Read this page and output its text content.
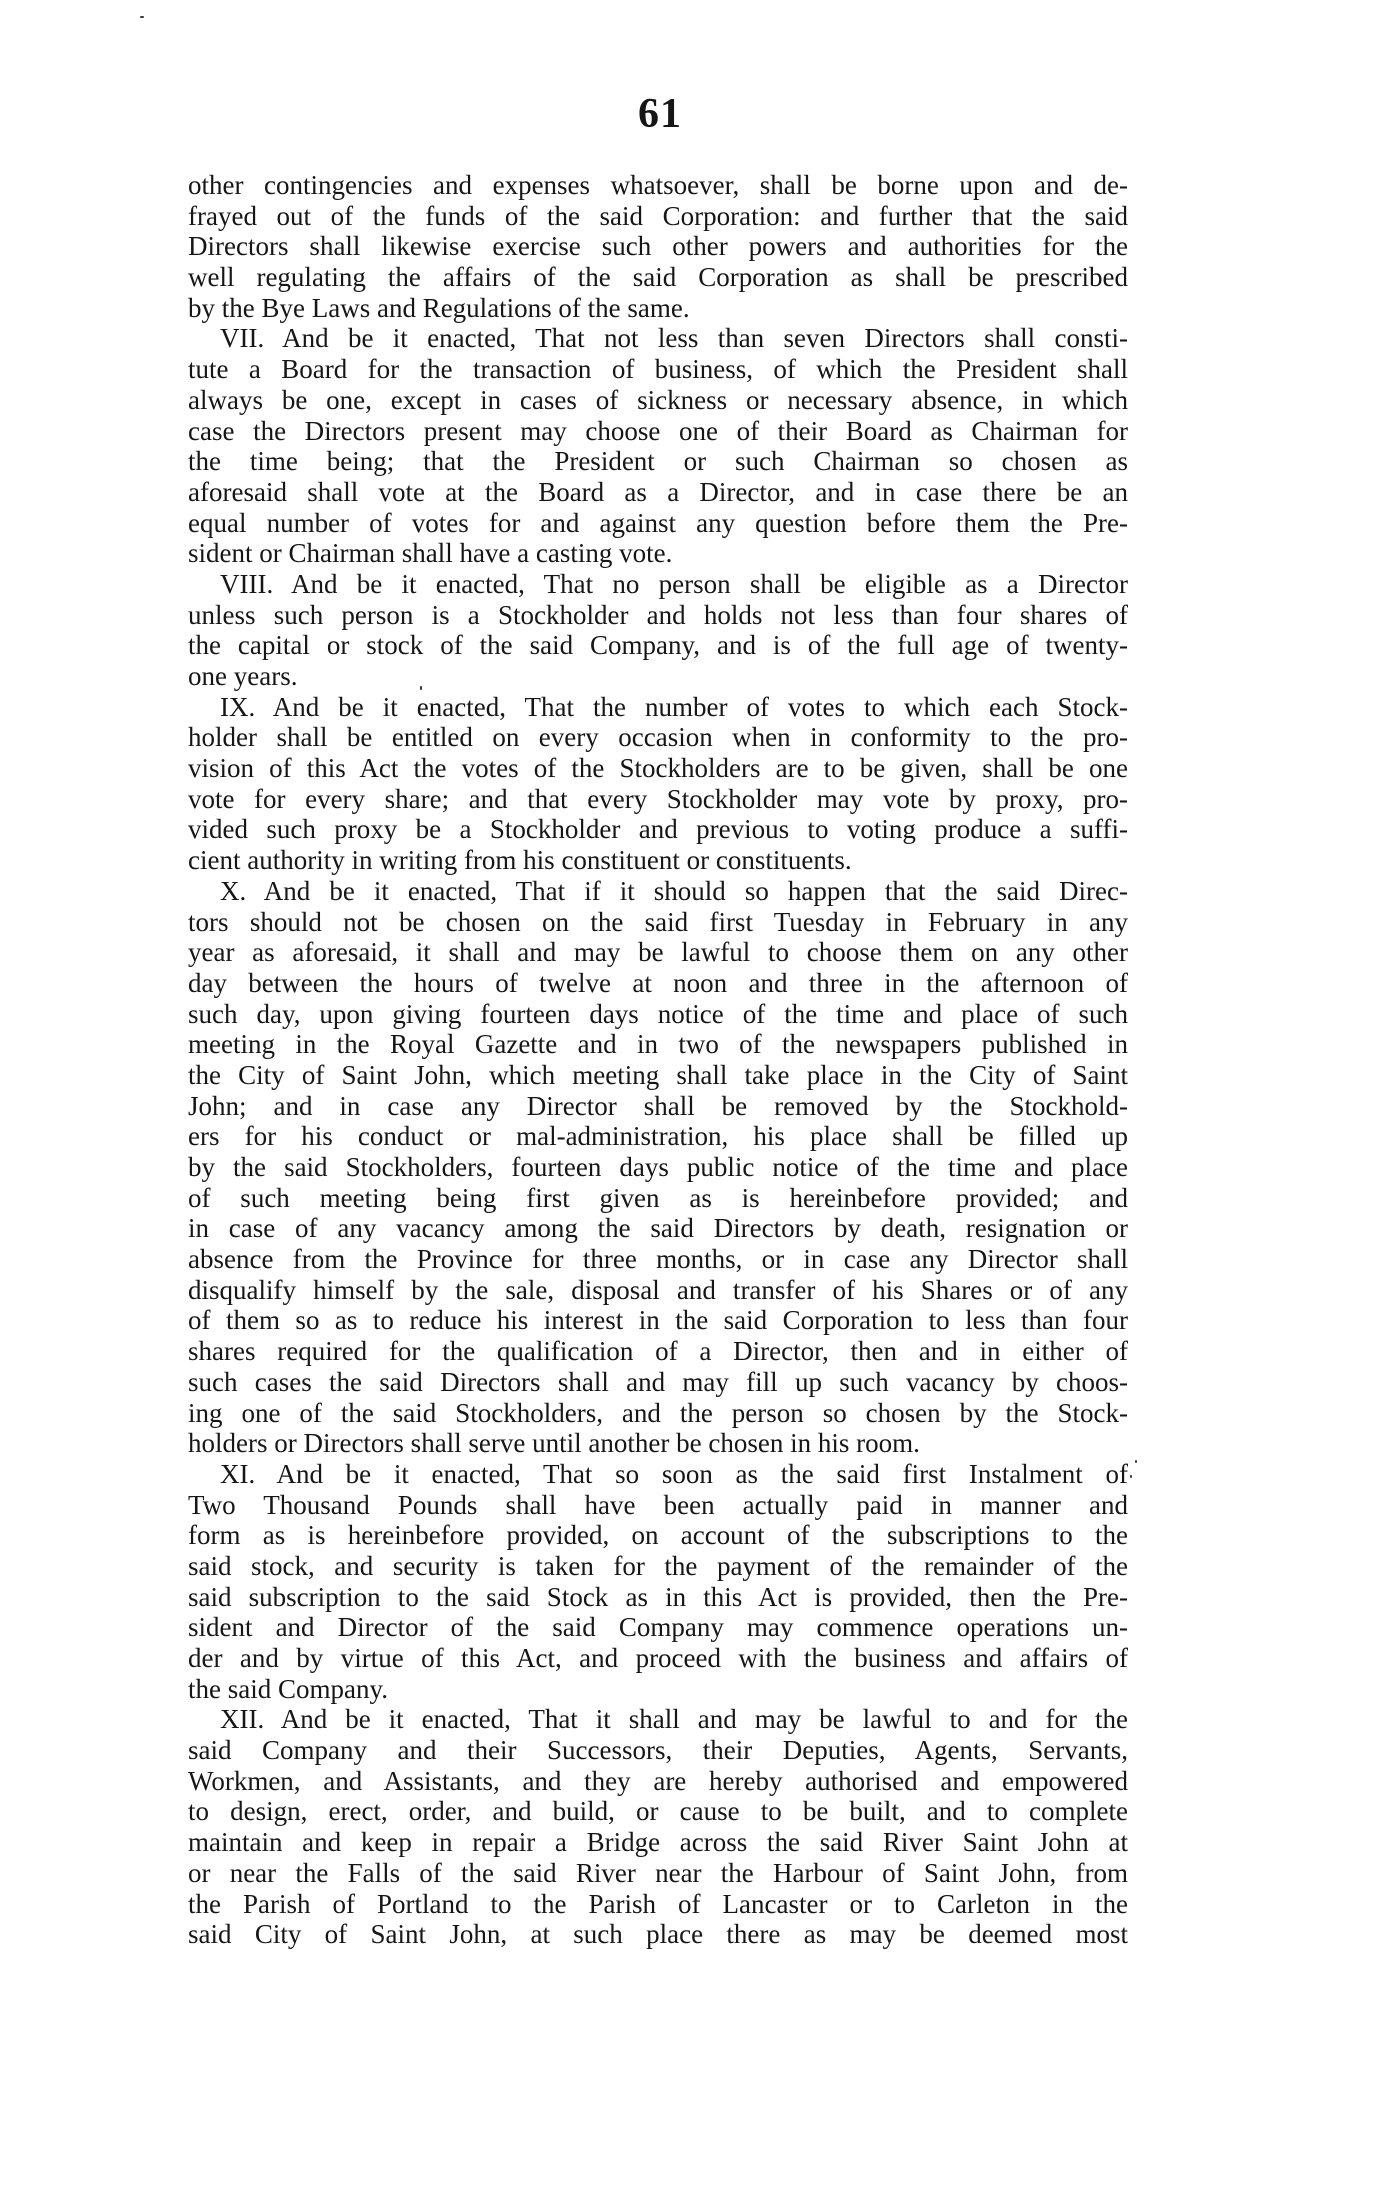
61
other contingencies and expenses whatsoever, shall be borne upon and de-
frayed out of the funds of the said Corporation: and further that the said
Directors shall likewise exercise such other powers and authorities for the
well regulating the affairs of the said Corporation as shall be prescribed
by the Bye Laws and Regulations of the same.
VII. And be it enacted, That not less than seven Directors shall consti-
tute a Board for the transaction of business, of which the President shall
always be one, except in cases of sickness or necessary absence, in which
case the Directors present may choose one of their Board as Chairman for
the time being; that the President or such Chairman so chosen as
aforesaid shall vote at the Board as a Director, and in case there be an
equal number of votes for and against any question before them the Pre-
sident or Chairman shall have a casting vote.
VIII. And be it enacted, That no person shall be eligible as a Director
unless such person is a Stockholder and holds not less than four shares of
the capital or stock of the said Company, and is of the full age of twenty-
one years.
IX. And be it enacted, That the number of votes to which each Stock-
holder shall be entitled on every occasion when in conformity to the pro-
vision of this Act the votes of the Stockholders are to be given, shall be one
vote for every share; and that every Stockholder may vote by proxy, pro-
vided such proxy be a Stockholder and previous to voting produce a suffi-
cient authority in writing from his constituent or constituents.
X. And be it enacted, That if it should so happen that the said Direc-
tors should not be chosen on the said first Tuesday in February in any
year as aforesaid, it shall and may be lawful to choose them on any other
day between the hours of twelve at noon and three in the afternoon of
such day, upon giving fourteen days notice of the time and place of such
meeting in the Royal Gazette and in two of the newspapers published in
the City of Saint John, which meeting shall take place in the City of Saint
John; and in case any Director shall be removed by the Stockhold-
ers for his conduct or mal-administration, his place shall be filled up
by the said Stockholders, fourteen days public notice of the time and place
of such meeting being first given as is hereinbefore provided; and
in case of any vacancy among the said Directors by death, resignation or
absence from the Province for three months, or in case any Director shall
disqualify himself by the sale, disposal and transfer of his Shares or of any
of them so as to reduce his interest in the said Corporation to less than four
shares required for the qualification of a Director, then and in either of
such cases the said Directors shall and may fill up such vacancy by choos-
ing one of the said Stockholders, and the person so chosen by the Stock-
holders or Directors shall serve until another be chosen in his room.
XI. And be it enacted, That so soon as the said first Instalment of
Two Thousand Pounds shall have been actually paid in manner and
form as is hereinbefore provided, on account of the subscriptions to the
said stock, and security is taken for the payment of the remainder of the
said subscription to the said Stock as in this Act is provided, then the Pre-
sident and Director of the said Company may commence operations un-
der and by virtue of this Act, and proceed with the business and affairs of
the said Company.
XII. And be it enacted, That it shall and may be lawful to and for the
said Company and their Successors, their Deputies, Agents, Servants,
Workmen, and Assistants, and they are hereby authorised and empowered
to design, erect, order, and build, or cause to be built, and to complete
maintain and keep in repair a Bridge across the said River Saint John at
or near the Falls of the said River near the Harbour of Saint John, from
the Parish of Portland to the Parish of Lancaster or to Carleton in the
said City of Saint John, at such place there as may be deemed most
